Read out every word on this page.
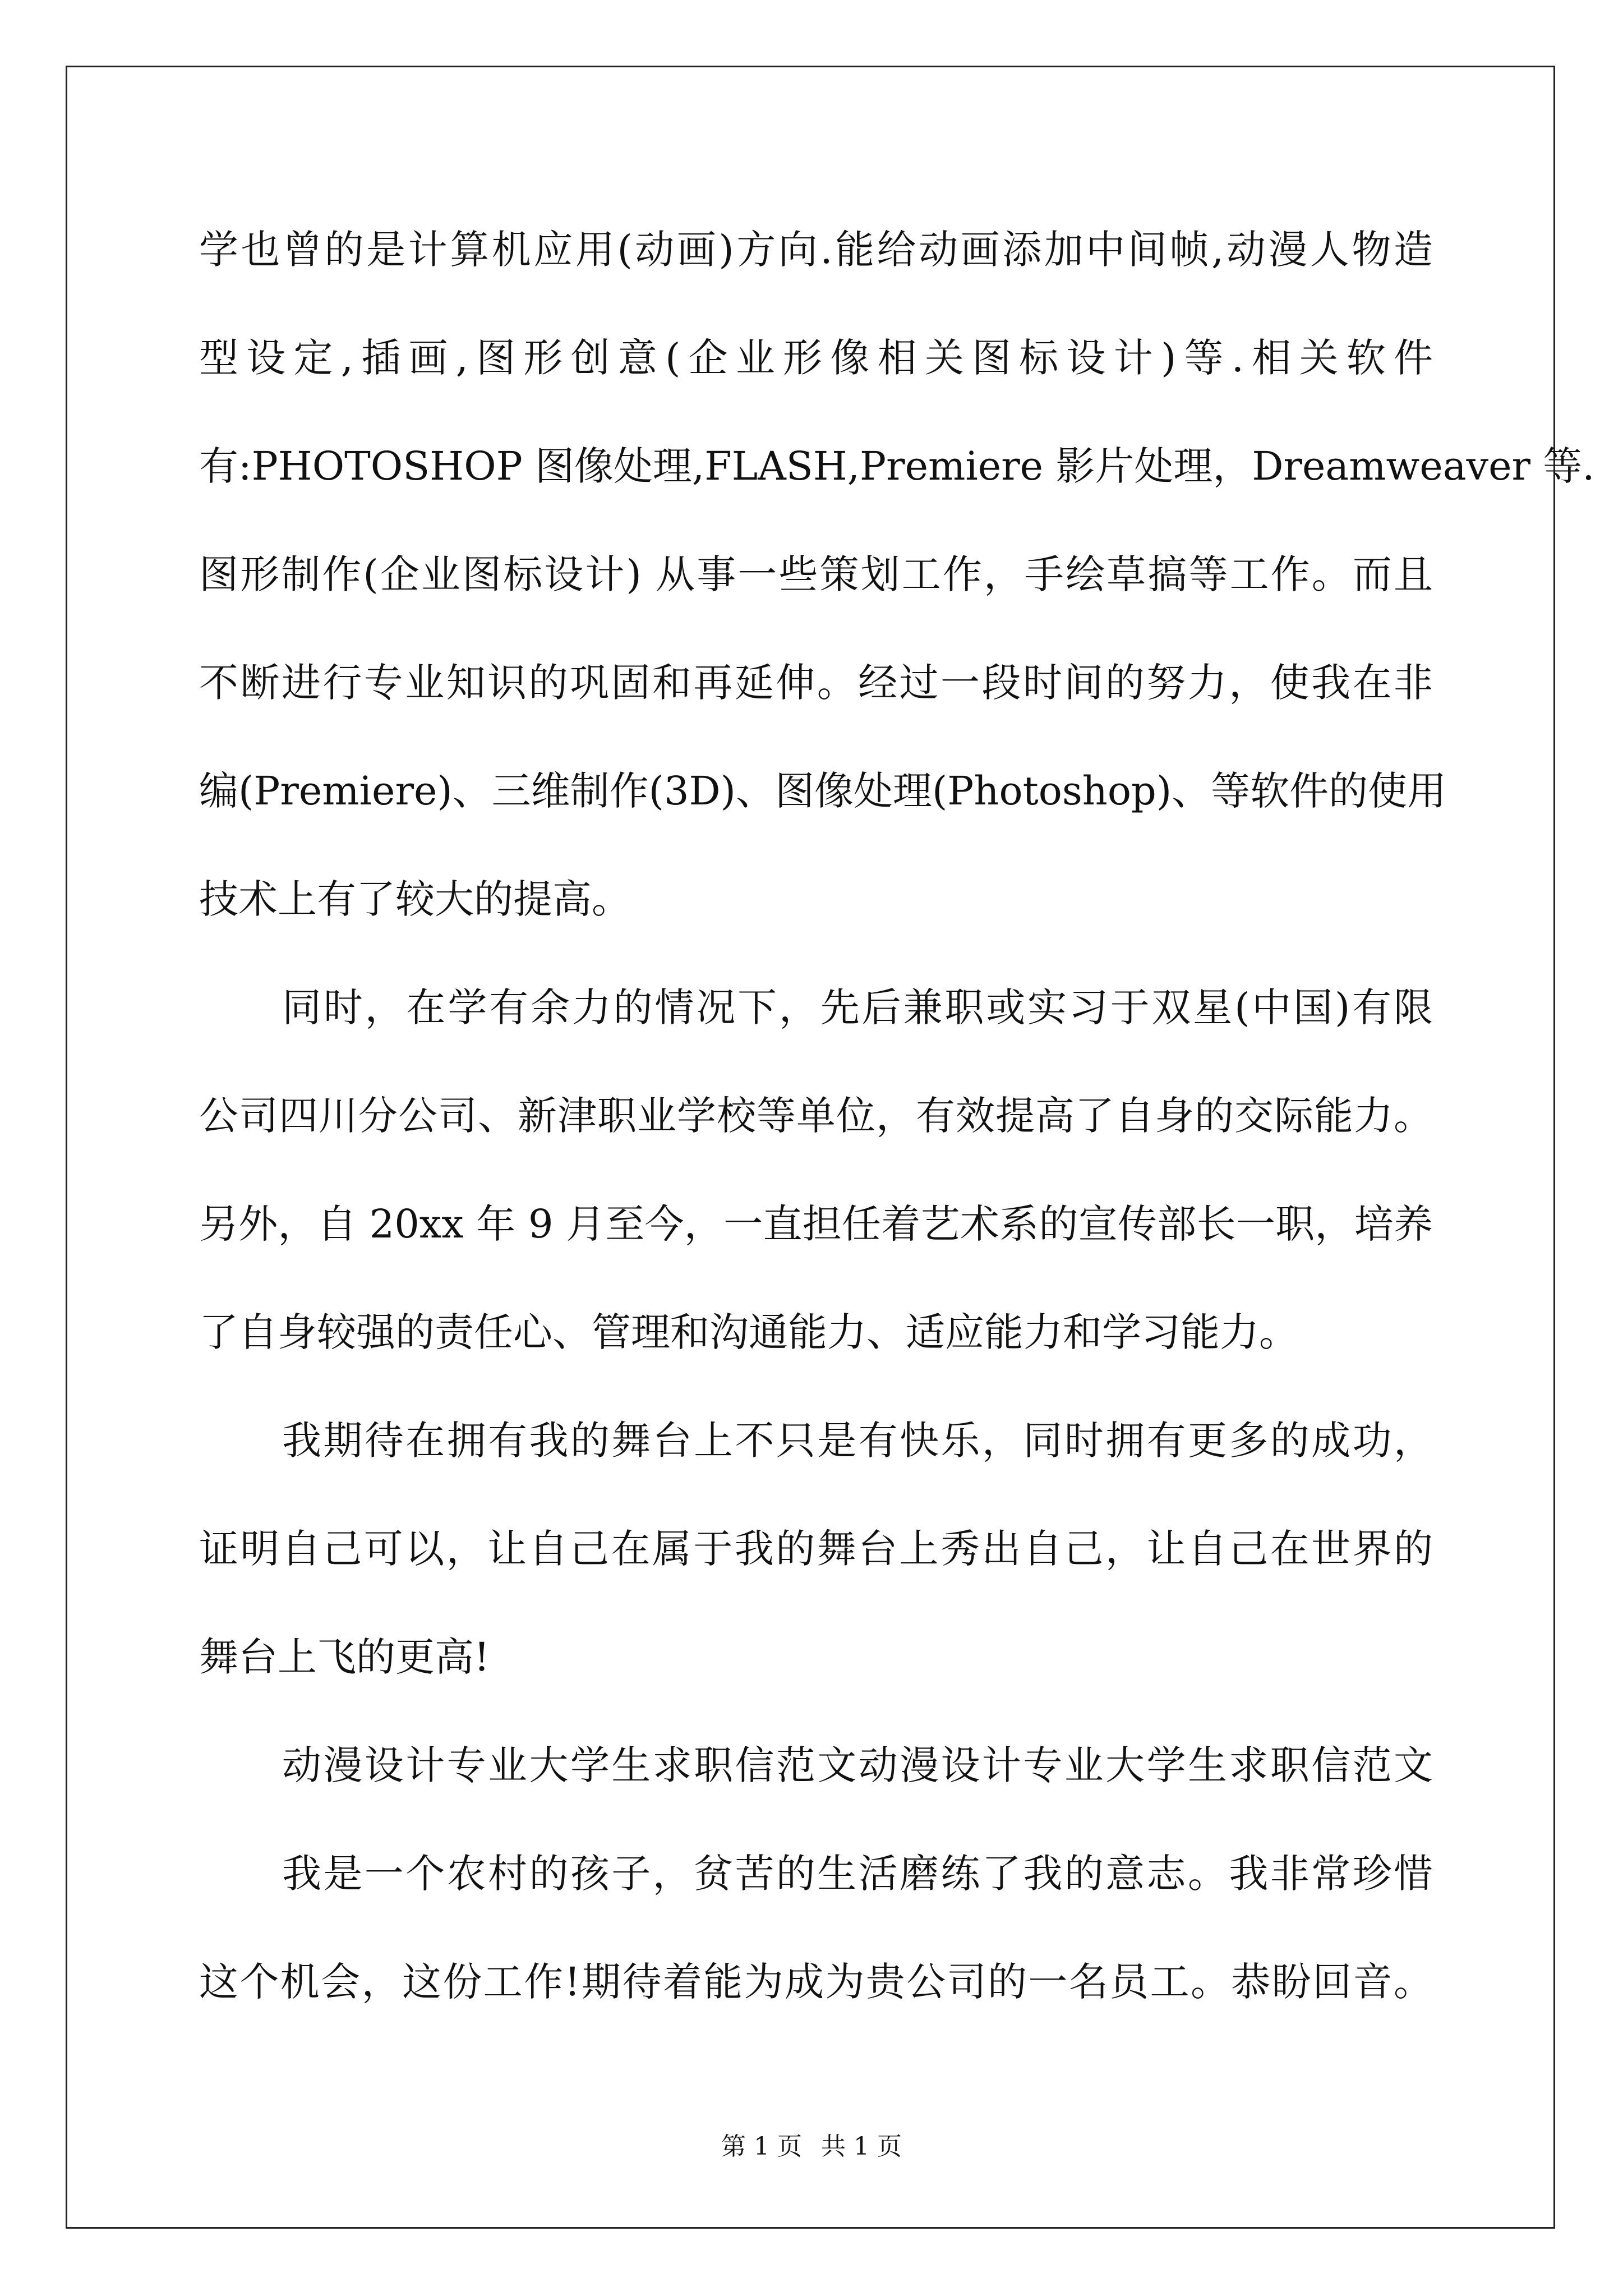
学也曾的是计算机应用(动画)方向.能给动画添加中间帧,动漫人物造
型设定,插画,图形创意(企业形像相关图标设计)等.相关软件
有:PHOTOSHOP 图像处理,FLASH,Premiere 影片处理，Dreamweaver 等.
图形制作(企业图标设计) 从事一些策划工作，手绘草搞等工作。而且
不断进行专业知识的巩固和再延伸。经过一段时间的努力，使我在非
编(Premiere)、三维制作(3D)、图像处理(Photoshop)、等软件的使用
技术上有了较大的提高。
同时，在学有余力的情况下，先后兼职或实习于双星(中国)有限
公司四川分公司、新津职业学校等单位，有效提高了自身的交际能力。
另外，自 20xx 年 9 月至今，一直担任着艺术系的宣传部长一职，培养
了自身较强的责任心、管理和沟通能力、适应能力和学习能力。
我期待在拥有我的舞台上不只是有快乐，同时拥有更多的成功，
证明自己可以，让自己在属于我的舞台上秀出自己，让自己在世界的
舞台上飞的更高!
动漫设计专业大学生求职信范文动漫设计专业大学生求职信范文
我是一个农村的孩子，贫苦的生活磨练了我的意志。我非常珍惜
这个机会，这份工作!期待着能为成为贵公司的一名员工。恭盼回音。
第 1 页 共 1 页
